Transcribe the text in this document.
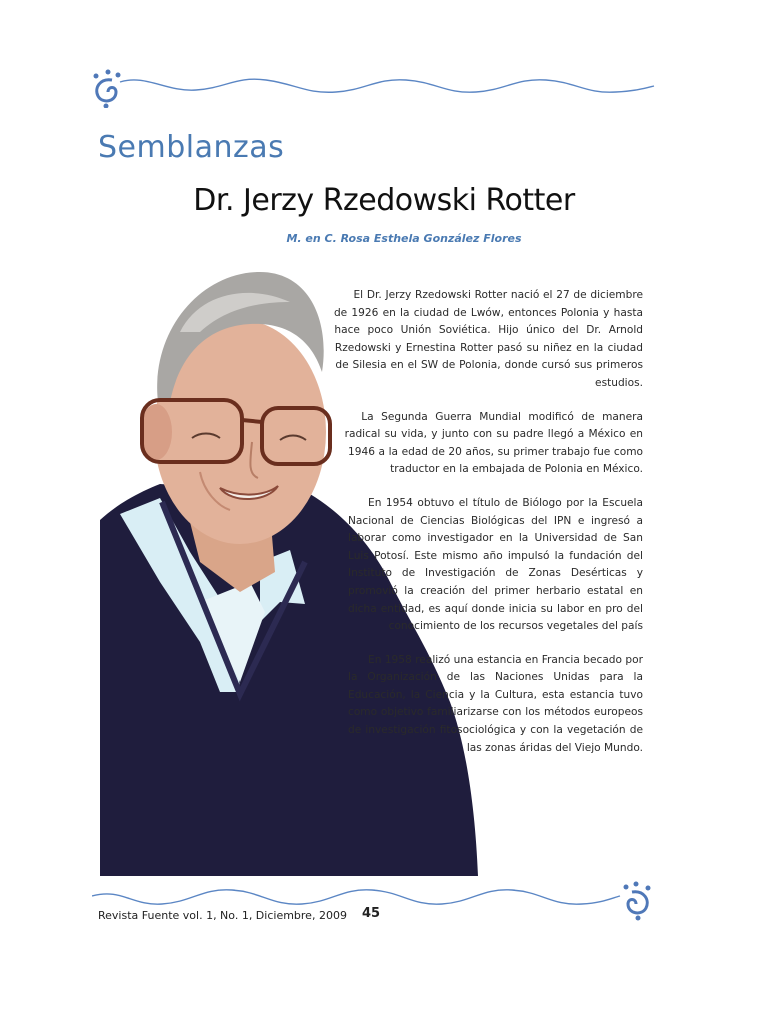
Semblanzas
Dr. Jerzy Rzedowski Rotter
M. en C. Rosa Esthela González Flores

El Dr. Jerzy Rzedowski Rotter nació el 27 de diciembre de 1926 en la ciudad de Lwów, entonces Polonia y hasta hace poco Unión Soviética. Hijo único del Dr. Arnold Rzedowski y Ernestina Rotter pasó su niñez en la ciudad de Silesia en el SW de Polonia, donde cursó sus primeros estudios.

La Segunda Guerra Mundial modificó de manera radical su vida, y junto con su padre llegó a México en 1946 a la edad de 20 años, su primer trabajo fue como traductor en la embajada de Polonia en México.

En 1954 obtuvo el título de Biólogo por la Escuela Nacional de Ciencias Biológicas del IPN e ingresó a laborar como investigador en la Universidad de San Luis Potosí. Este mismo año impulsó la fundación del Instituto de Investigación de Zonas Desérticas y promovió la creación del primer herbario estatal en dicha entidad, es aquí donde inicia su labor en pro del conocimiento de los recursos vegetales del país

En 1958 realizó una estancia en Francia becado por la Organización de las Naciones Unidas para la Educación, la Ciencia y la Cultura, esta estancia tuvo como objetivo familiarizarse con los métodos europeos de investigación fitosociológica y con la vegetación de las zonas áridas del Viejo Mundo.

Revista Fuente vol. 1, No. 1, Diciembre, 2009 45
